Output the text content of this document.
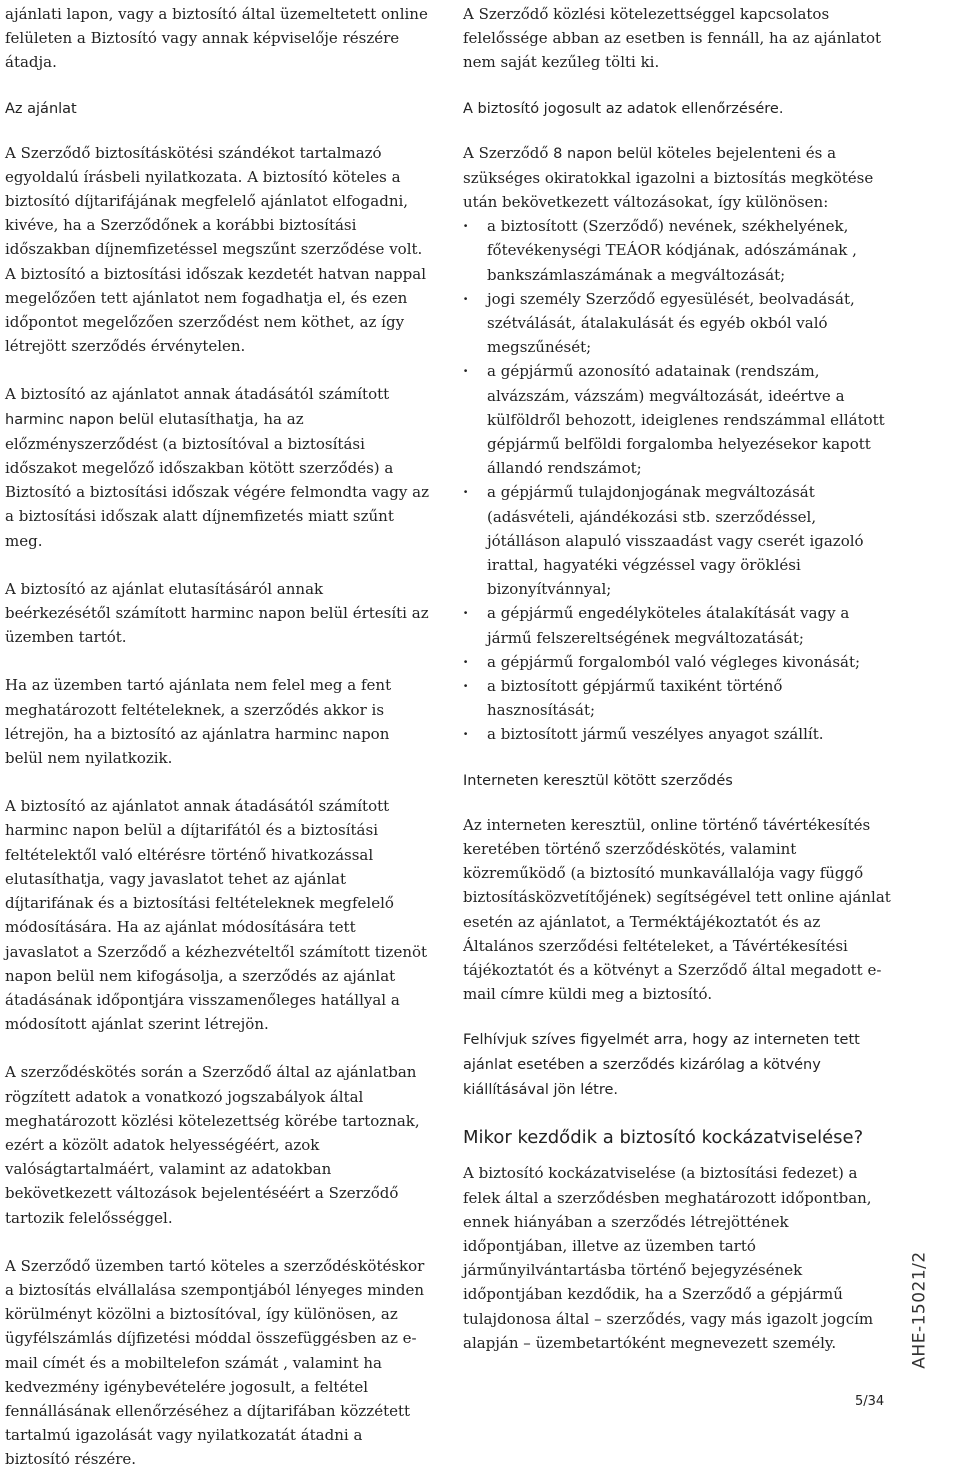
ajánlati lapon, vagy a biztosító által üzemeltetett online felületen a Biztosító vagy annak képviselője részére átadja.

Az ajánlat

A Szerződő biztosításkötési szándékot tartalmazó egyoldalú írásbeli nyilatkozata. A biztosító köteles a biztosító díjtarifájának megfelelő ajánlatot elfogadni, kivéve, ha a Szerződőnek a korábbi biztosítási időszakban díjnemfizetéssel megszűnt szerződése volt. A biztosító a biztosítási időszak kezdetét hatvan nappal megelőzően tett ajánlatot nem fogadhatja el, és ezen időpontot megelőzően szerződést nem köthet, az így létrejött szerződés érvénytelen.

A biztosító az ajánlatot annak átadásától számított harminc napon belül elutasíthatja, ha az előzményszerződést (a biztosítóval a biztosítási időszakot megelőző időszakban kötött szerződés) a Biztosító a biztosítási időszak végére felmondta vagy az a biztosítási időszak alatt díjnemfizetés miatt szűnt meg.

A biztosító az ajánlat elutasításáról annak beérkezésétől számított harminc napon belül értesíti az üzemben tartót.

Ha az üzemben tartó ajánlata nem felel meg a fent meghatározott feltételeknek, a szerződés akkor is létrejön, ha a biztosító az ajánlatra harminc napon belül nem nyilatkozik.

A biztosító az ajánlatot annak átadásától számított harminc napon belül a díjtarifától és a biztosítási feltételektől való eltérésre történő hivatkozással elutasíthatja, vagy javaslatot tehet az ajánlat díjtarifának és a biztosítási feltételeknek megfelelő módosítására. Ha az ajánlat módosítására tett javaslatot a Szerződő a kézhezvételtől számított tizenöt napon belül nem kifogásolja, a szerződés az ajánlat átadásának időpontjára visszamenőleges hatállyal a módosított ajánlat szerint létrejön.

A szerződéskötés során a Szerződő által az ajánlatban rögzített adatok a vonatkozó jogszabályok által meghatározott közlési kötelezettség körébe tartoznak, ezért a közölt adatok helyességéért, azok valóságtartalmáért, valamint az adatokban bekövetkezett változások bejelentéséért a Szerződő tartozik felelősséggel.

A Szerződő üzemben tartó köteles a szerződéskötéskor a biztosítás elvállalása szempontjából lényeges minden körülményt közölni a biztosítóval, így különösen, az ügyfélszámlás díjfizetési móddal összefüggésben az e-mail címét és a mobiltelefon számát , valamint ha kedvezmény igénybevételére jogosult, a feltétel fennállásának ellenőrzéséhez a díjtarifában közzétett tartalmú igazolását vagy nyilatkozatát átadni a biztosító részére.

A Szerződő közlési kötelezettséggel kapcsolatos felelőssége abban az esetben is fennáll, ha az ajánlatot nem saját kezűleg tölti ki.

A biztosító jogosult az adatok ellenőrzésére.

A Szerződő 8 napon belül köteles bejelenteni és a szükséges okiratokkal igazolni a biztosítás megkötése után bekövetkezett változásokat, így különösen:

· a biztosított (Szerződő) nevének, székhelyének, főtevékenységi TEÁOR kódjának, adószámának , bankszámlaszámának a megváltozását;
· jogi személy Szerződő egyesülését, beolvadását, szétválását, átalakulását és egyéb okból való megszűnését;
· a gépjármű azonosító adatainak (rendszám, alvázszám, vázszám) megváltozását, ideértve a külföldről behozott, ideiglenes rendszámmal ellátott gépjármű belföldi forgalomba helyezésekor kapott állandó rendszámot;
· a gépjármű tulajdonjogának megváltozását (adásvételi, ajándékozási stb. szerződéssel, jótálláson alapuló visszaadást vagy cserét igazoló irattal, hagyatéki végzéssel vagy öröklési bizonyítvánnyal;
· a gépjármű engedélyköteles átalakítását vagy a jármű felszereltségének megváltozatását;
· a gépjármű forgalomból való végleges kivonását;
· a biztosított gépjármű taxiként történő hasznosítását;
· a biztosított jármű veszélyes anyagot szállít.

Interneten keresztül kötött szerződés

Az interneten keresztül, online történő távértékesítés keretében történő szerződéskötés, valamint közreműködő (a biztosító munkavállalója vagy függő biztosításközvetítőjének) segítségével tett online ajánlat esetén az ajánlatot, a Terméktájékoztatót és az Általános szerződési feltételeket, a Távértékesítési tájékoztatót és a kötvényt a Szerződő által megadott e-mail címre küldi meg a biztosító.

Felhívjuk szíves figyelmét arra, hogy az interneten tett ajánlat esetében a szerződés kizárólag a kötvény kiállításával jön létre.

Mikor kezdődik a biztosító kockázatviselése?

A biztosító kockázatviselése (a biztosítási fedezet) a felek által a szerződésben meghatározott időpontban, ennek hiányában a szerződés létrejöttének időpontjában, illetve az üzemben tartó járműnyilvántartásba történő bejegyzésének időpontjában kezdődik, ha a Szerződő a gépjármű tulajdonosa által – szerződés, vagy más igazolt jogcím alapján – üzembetartóként megnevezett személy.	AHE-15021/2
5/34
